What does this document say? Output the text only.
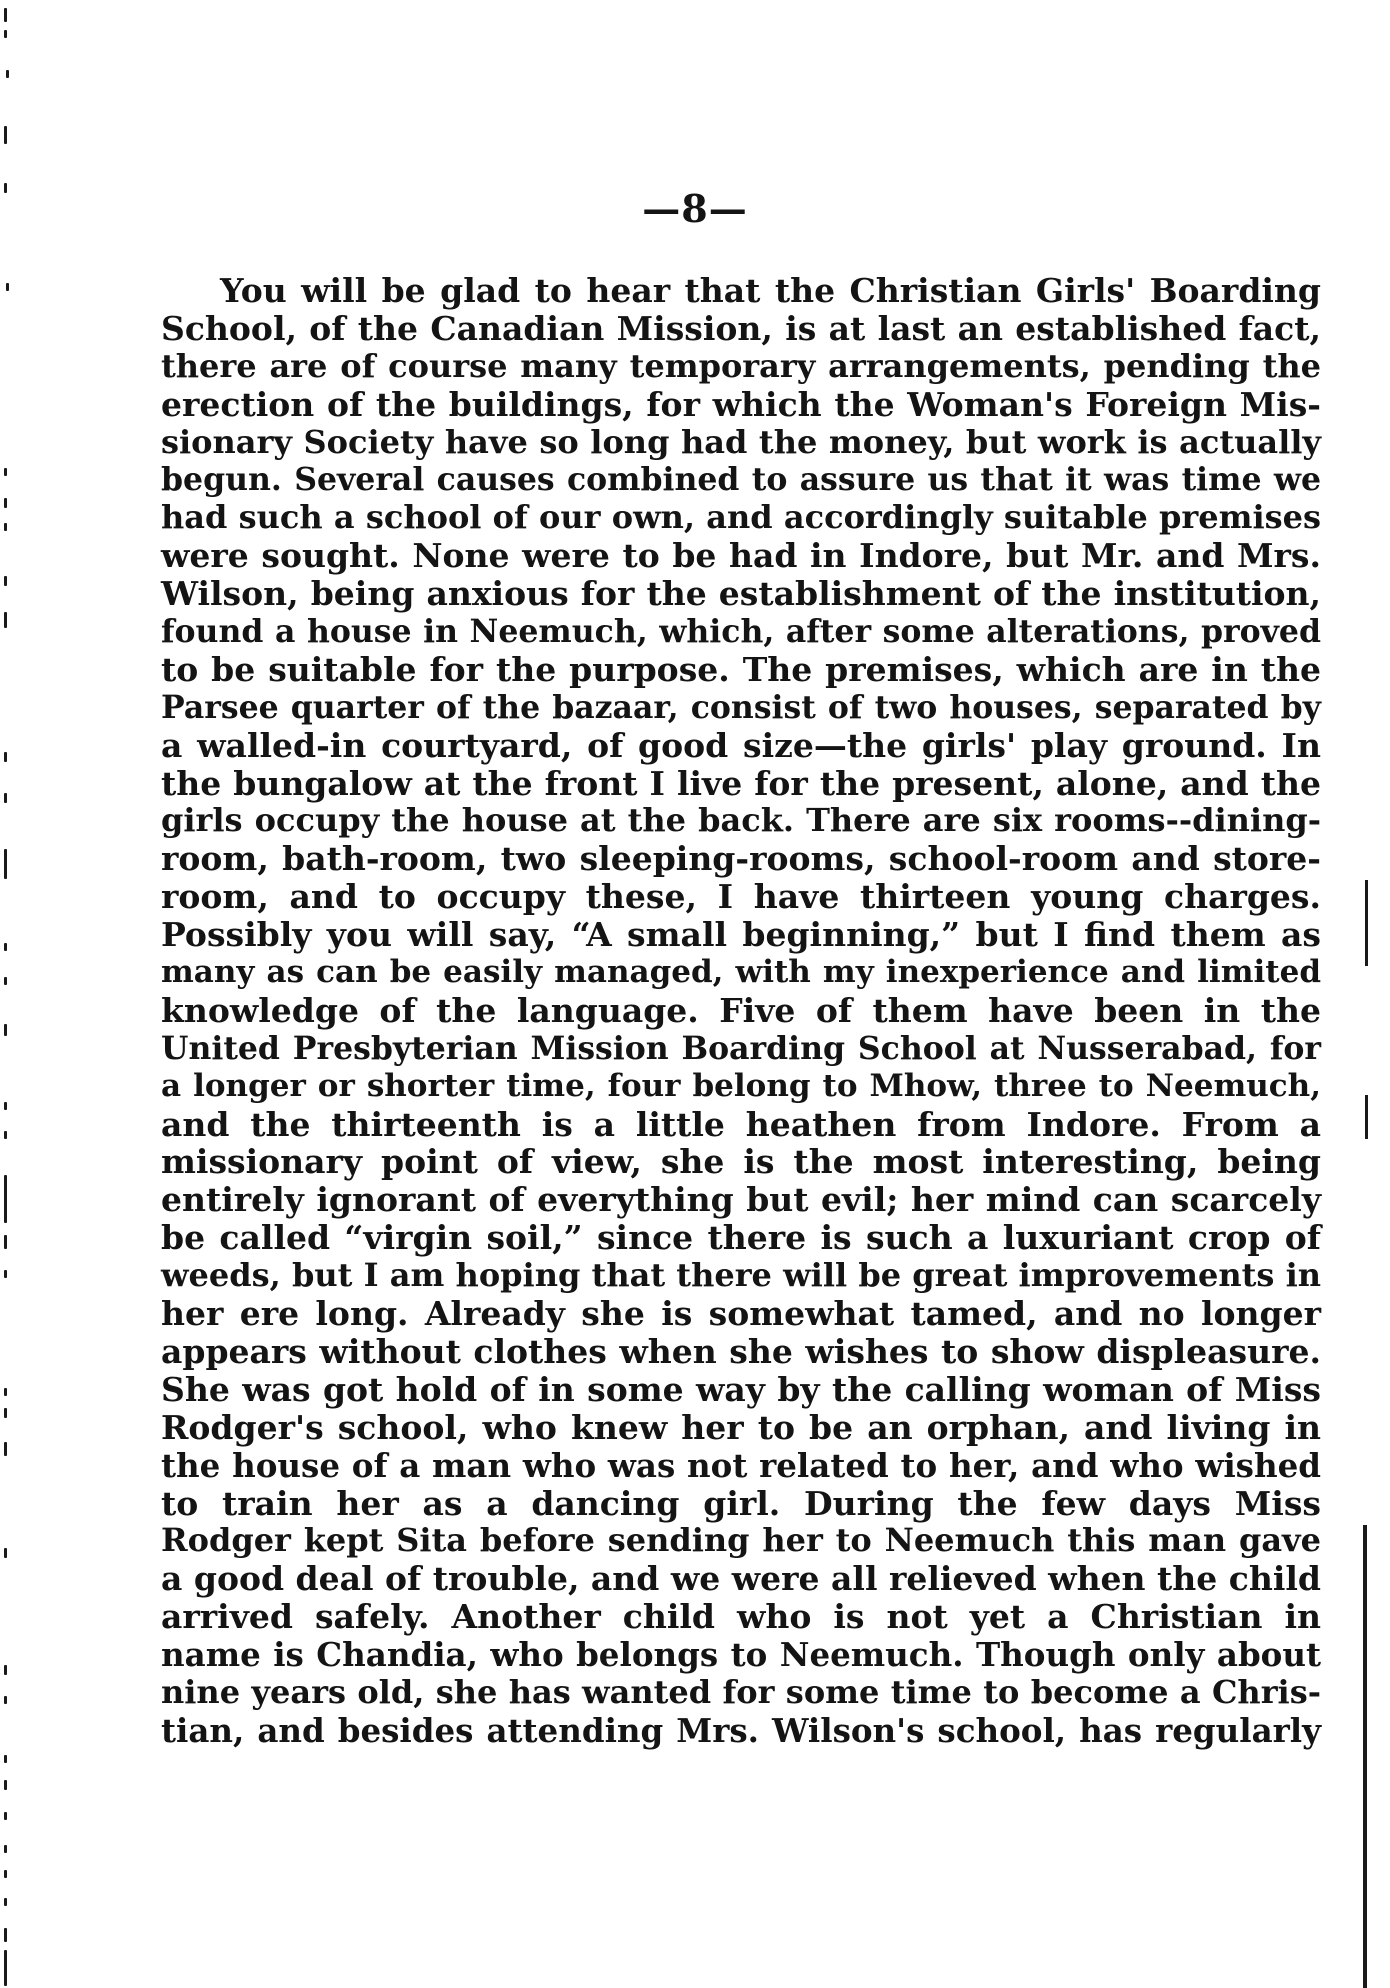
—8—
You will be glad to hear that the Christian Girls' Boarding
School, of the Canadian Mission, is at last an established fact,
there are of course many temporary arrangements, pending the
erection of the buildings, for which the Woman's Foreign Mis-
sionary Society have so long had the money, but work is actually
begun. Several causes combined to assure us that it was time we
had such a school of our own, and accordingly suitable premises
were sought. None were to be had in Indore, but Mr. and Mrs.
Wilson, being anxious for the establishment of the institution,
found a house in Neemuch, which, after some alterations, proved
to be suitable for the purpose. The premises, which are in the
Parsee quarter of the bazaar, consist of two houses, separated by
a walled-in courtyard, of good size—the girls' play ground. In
the bungalow at the front I live for the present, alone, and the
girls occupy the house at the back. There are six rooms--dining-
room, bath-room, two sleeping-rooms, school-room and store-
room, and to occupy these, I have thirteen young charges.
Possibly you will say, “A small beginning,” but I find them as
many as can be easily managed, with my inexperience and limited
knowledge of the language. Five of them have been in the
United Presbyterian Mission Boarding School at Nusserabad, for
a longer or shorter time, four belong to Mhow, three to Neemuch,
and the thirteenth is a little heathen from Indore. From a
missionary point of view, she is the most interesting, being
entirely ignorant of everything but evil; her mind can scarcely
be called “virgin soil,” since there is such a luxuriant crop of
weeds, but I am hoping that there will be great improvements in
her ere long. Already she is somewhat tamed, and no longer
appears without clothes when she wishes to show displeasure.
She was got hold of in some way by the calling woman of Miss
Rodger's school, who knew her to be an orphan, and living in
the house of a man who was not related to her, and who wished
to train her as a dancing girl. During the few days Miss
Rodger kept Sita before sending her to Neemuch this man gave
a good deal of trouble, and we were all relieved when the child
arrived safely. Another child who is not yet a Christian in
name is Chandia, who belongs to Neemuch. Though only about
nine years old, she has wanted for some time to become a Chris-
tian, and besides attending Mrs. Wilson's school, has regularly
